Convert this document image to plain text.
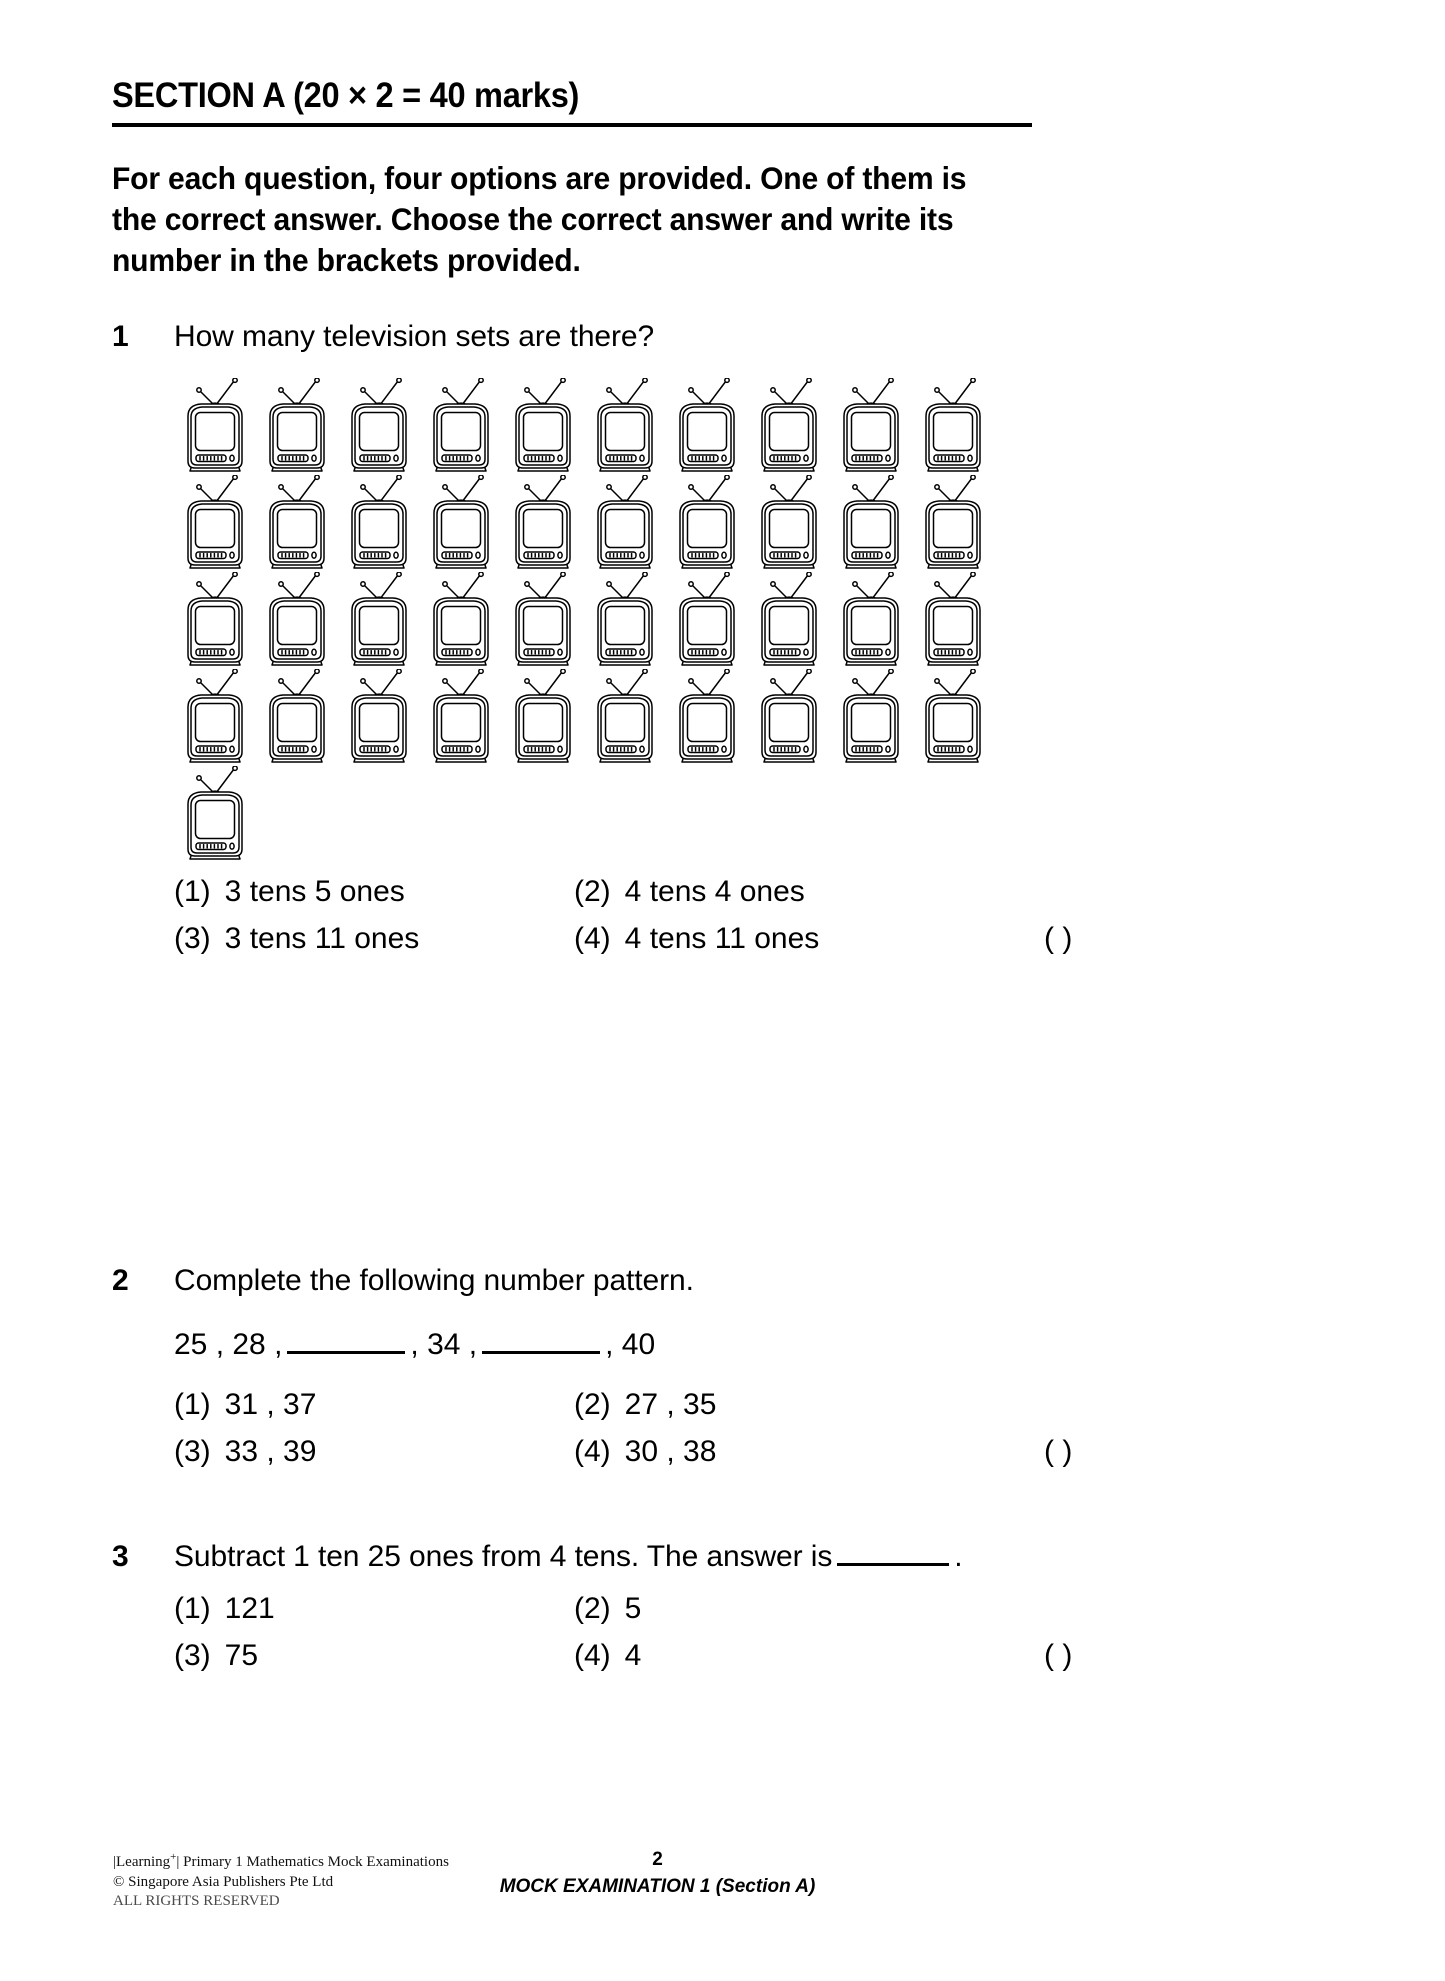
SECTION A (20 × 2 = 40 marks)
For each question, four options are provided. One of them is the correct answer. Choose the correct answer and write its number in the brackets provided.
1	How many television sets are there?
(1) 3 tens 5 ones	(2) 4 tens 4 ones
(3) 3 tens 11 ones	(4) 4 tens 11 ones	( )
2	Complete the following number pattern.
25 , 28 ,	, 34 ,	, 40
(1) 31 , 37	(2) 27 , 35
(3) 33 , 39	(4) 30 , 38	( )
3	Subtract 1 ten 25 ones from 4 tens. The answer is	.
(1) 121	(2) 5
(3) 75	(4) 4	( )
|Learning+| Primary 1 Mathematics Mock Examinations
© Singapore Asia Publishers Pte Ltd
ALL RIGHTS RESERVED
2
MOCK EXAMINATION 1 (Section A)
